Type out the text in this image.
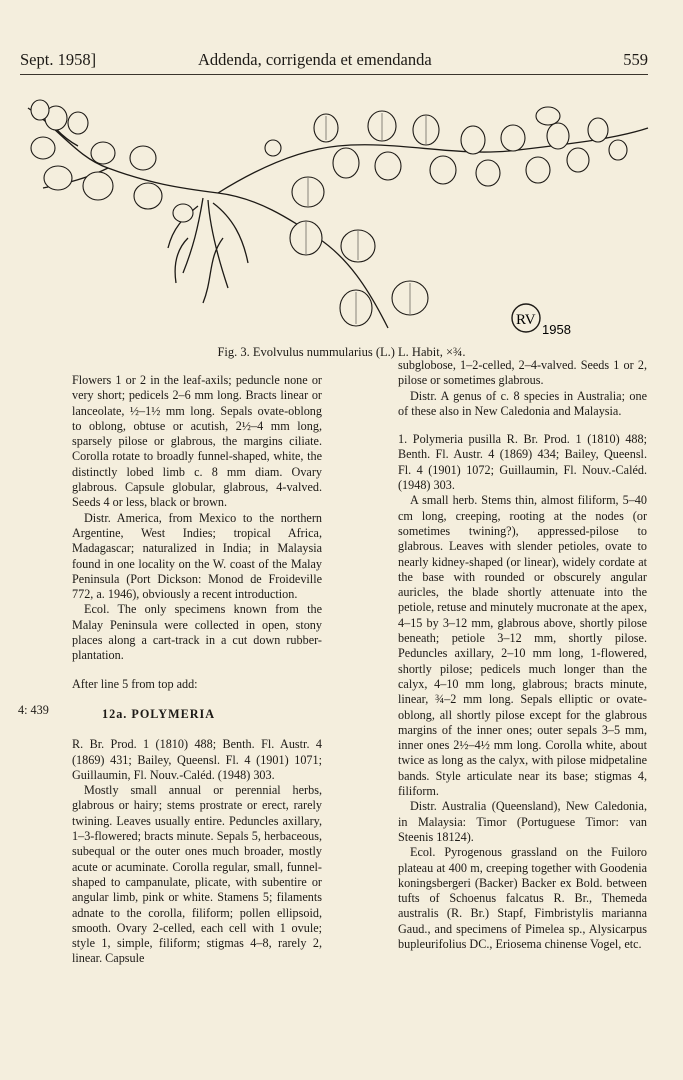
Sept. 1958]	Addenda, corrigenda et emendanda	559
RV
1958
Fig. 3. Evolvulus nummularius (L.) L. Habit, ×¾.

Flowers 1 or 2 in the leaf-axils; peduncle none or very short; pedicels 2–6 mm long. Bracts linear or lanceolate, ½–1½ mm long. Sepals ovate-oblong to oblong, obtuse or acutish, 2½–4 mm long, sparsely pilose or glabrous, the margins ciliate. Corolla rotate to broadly funnel-shaped, white, the distinctly lobed limb c. 8 mm diam. Ovary glabrous. Capsule globular, glabrous, 4-valved. Seeds 4 or less, black or brown.

Distr. America, from Mexico to the northern Argentine, West Indies; tropical Africa, Madagascar; naturalized in India; in Malaysia found in one locality on the W. coast of the Malay Peninsula (Port Dickson: Monod de Froideville 772, a. 1946), obviously a recent introduction.

Ecol. The only specimens known from the Malay Peninsula were collected in open, stony places along a cart-track in a cut down rubber-plantation.

After line 5 from top add:

12a. POLYMERIA

R. Br. Prod. 1 (1810) 488; Benth. Fl. Austr. 4 (1869) 431; Bailey, Queensl. Fl. 4 (1901) 1071; Guillaumin, Fl. Nouv.-Caléd. (1948) 303.

Mostly small annual or perennial herbs, glabrous or hairy; stems prostrate or erect, rarely twining. Leaves usually entire. Peduncles axillary, 1–3-flowered; bracts minute. Sepals 5, herbaceous, subequal or the outer ones much broader, mostly acute or acuminate. Corolla regular, small, funnel-shaped to campanulate, plicate, with subentire or angular limb, pink or white. Stamens 5; filaments adnate to the corolla, filiform; pollen ellipsoid, smooth. Ovary 2-celled, each cell with 1 ovule; style 1, simple, filiform; stigmas 4–8, rarely 2, linear. Capsule

4: 439

subglobose, 1–2-celled, 2–4-valved. Seeds 1 or 2, pilose or sometimes glabrous.

Distr. A genus of c. 8 species in Australia; one of these also in New Caledonia and Malaysia.

1. Polymeria pusilla R. Br. Prod. 1 (1810) 488; Benth. Fl. Austr. 4 (1869) 434; Bailey, Queensl. Fl. 4 (1901) 1072; Guillaumin, Fl. Nouv.-Caléd. (1948) 303.

A small herb. Stems thin, almost filiform, 5–40 cm long, creeping, rooting at the nodes (or sometimes twining?), appressed-pilose to glabrous. Leaves with slender petioles, ovate to nearly kidney-shaped (or linear), widely cordate at the base with rounded or obscurely angular auricles, the blade shortly attenuate into the petiole, retuse and minutely mucronate at the apex, 4–15 by 3–12 mm, glabrous above, shortly pilose beneath; petiole 3–12 mm, shortly pilose. Peduncles axillary, 2–10 mm long, 1-flowered, shortly pilose; pedicels much longer than the calyx, 4–10 mm long, glabrous; bracts minute, linear, ¾–2 mm long. Sepals elliptic or ovate-oblong, all shortly pilose except for the glabrous margins of the inner ones; outer sepals 3–5 mm, inner ones 2½–4½ mm long. Corolla white, about twice as long as the calyx, with pilose midpetaline bands. Style articulate near its base; stigmas 4, filiform.

Distr. Australia (Queensland), New Caledonia, in Malaysia: Timor (Portuguese Timor: van Steenis 18124).

Ecol. Pyrogenous grassland on the Fuiloro plateau at 400 m, creeping together with Goodenia koningsbergeri (Backer) Backer ex Bold. between tufts of Schoenus falcatus R. Br., Themeda australis (R. Br.) Stapf, Fimbristylis marianna Gaud., and specimens of Pimelea sp., Alysicarpus bupleurifolius DC., Eriosema chinense Vogel, etc.
